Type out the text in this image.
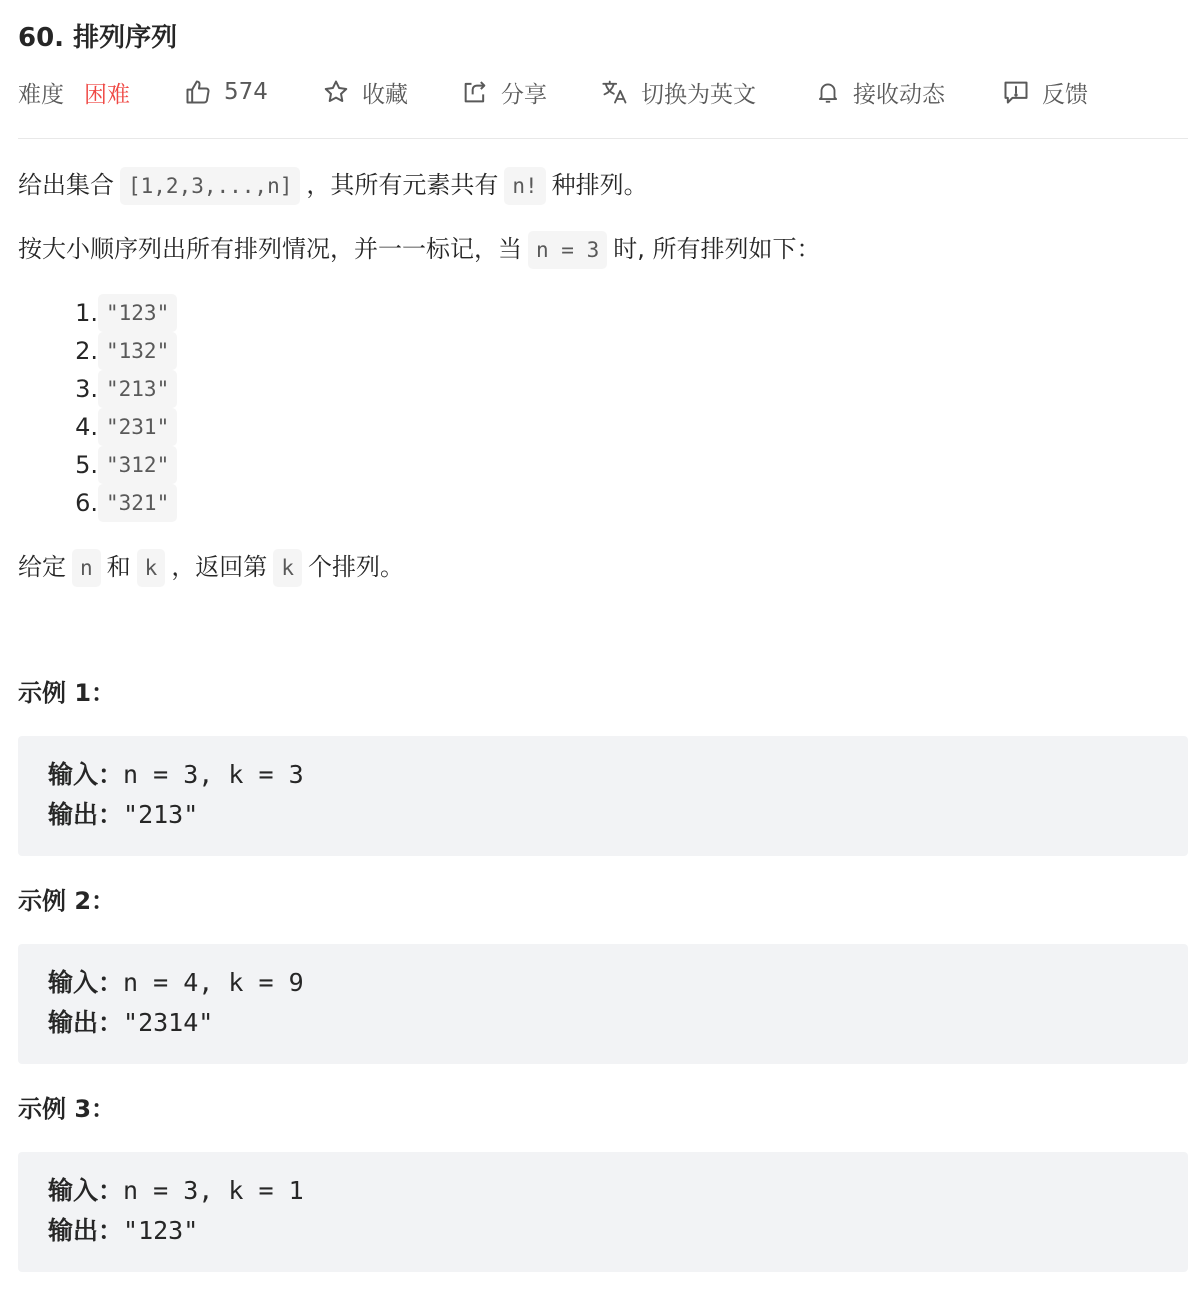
60. 排列序列
难度 困难	574	收藏	分享	切换为英文	接收动态	反馈
给出集合 [1,2,3,...,n] ，其所有元素共有 n! 种排列。
按大小顺序列出所有排列情况，并一一标记，当 n = 3 时, 所有排列如下：
1. "123"
2. "132"
3. "213"
4. "231"
5. "312"
6. "321"
给定 n 和 k ，返回第 k 个排列。
示例 1：
输入：n = 3, k = 3
输出："213"
示例 2：
输入：n = 4, k = 9
输出："2314"
示例 3：
输入：n = 3, k = 1
输出："123"
